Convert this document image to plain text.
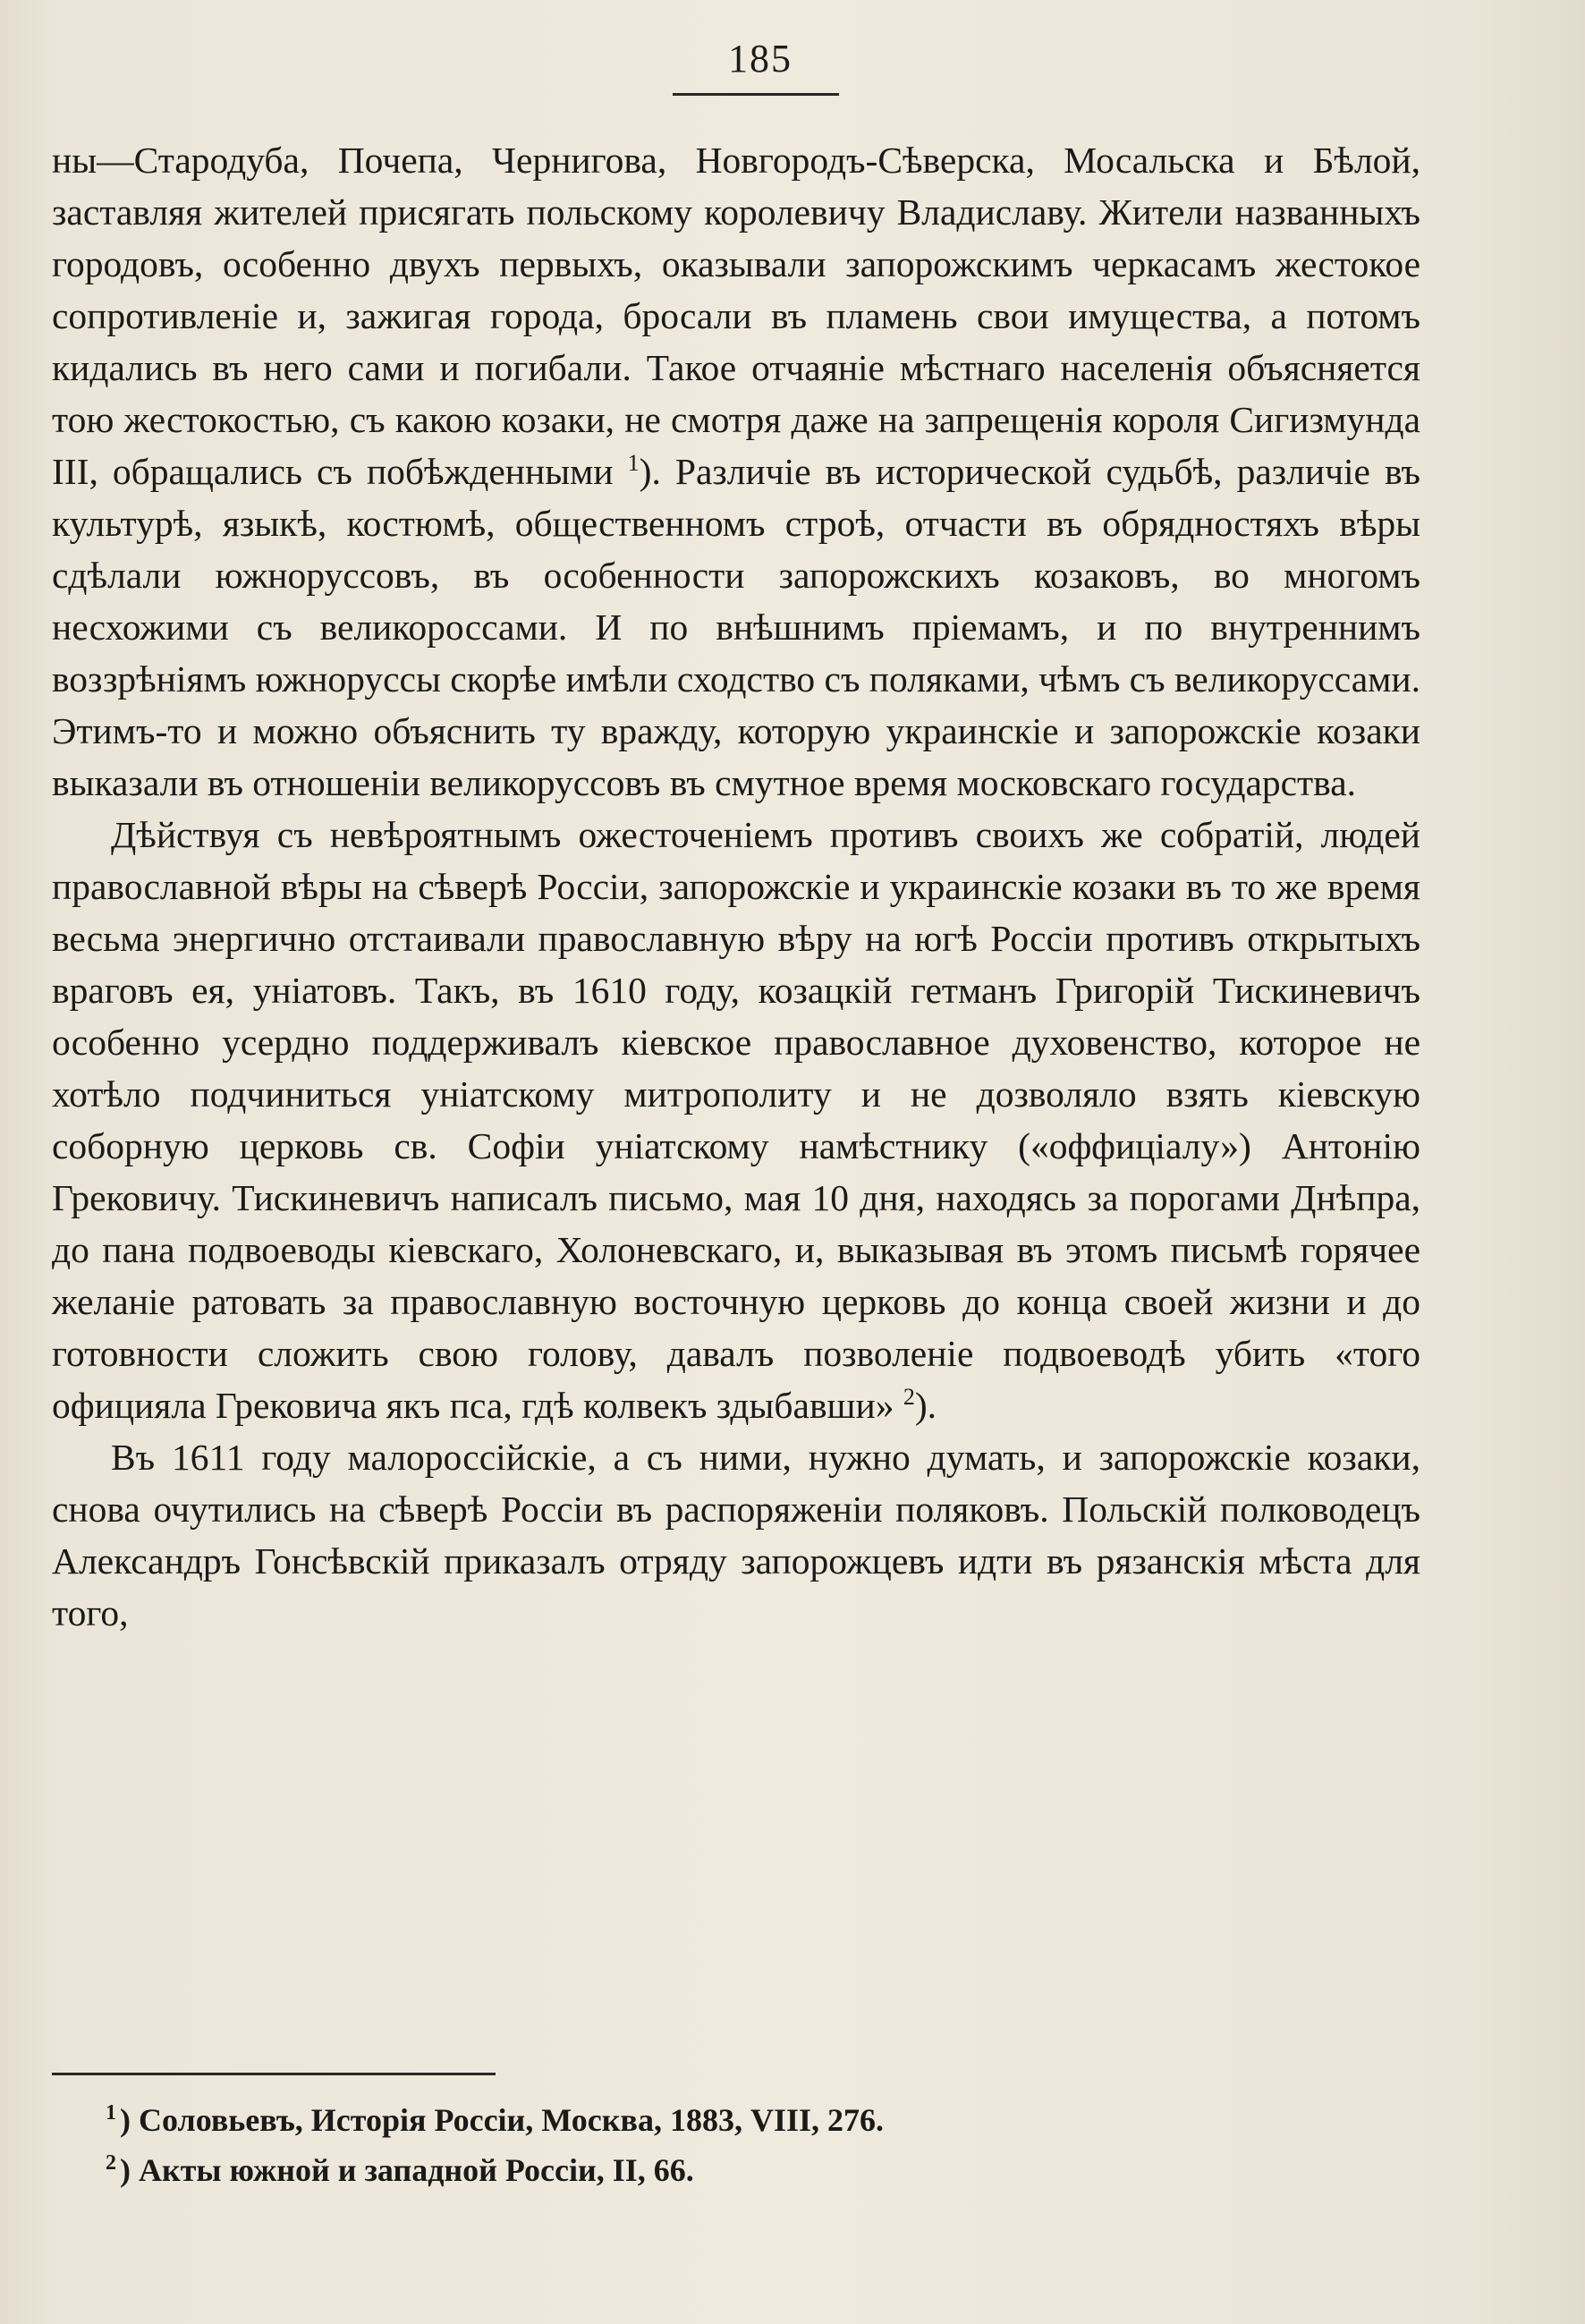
185

ны—Стародуба, Почепа, Чернигова, Новгородъ-Сѣверска, Мосальска и Бѣлой, заставляя жителей присягать польскому королевичу Владиславу. Жители названныхъ городовъ, особенно двухъ первыхъ, оказывали запорожскимъ черкасамъ жестокое сопротивленіе и, зажигая города, бросали въ пламень свои имущества, а потомъ кидались въ него сами и погибали. Такое отчаяніе мѣстнаго населенія объясняется тою жестокостью, съ какою козаки, не смотря даже на запрещенія короля Сигизмунда III, обращались съ побѣжденными $^1$). Различіе въ исторической судьбѣ, различіе въ культурѣ, языкѣ, костюмѣ, общественномъ строѣ, отчасти въ обрядностяхъ вѣры сдѣлали южноруссовъ, въ особенности запорожскихъ козаковъ, во многомъ несхожими съ великороссами. И по внѣшнимъ пріемамъ, и по внутреннимъ воззрѣніямъ южноруссы скорѣе имѣли сходство съ поляками, чѣмъ съ великоруссами. Этимъ-то и можно объяснить ту вражду, которую украинскіе и запорожскіе козаки выказали въ отношеніи великоруссовъ въ смутное время московскаго государства.

Дѣйствуя съ невѣроятнымъ ожесточеніемъ противъ своихъ же собратій, людей православной вѣры на сѣверѣ Россіи, запорожскіе и украинскіе козаки въ то же время весьма энергично отстаивали православную вѣру на югѣ Россіи противъ открытыхъ враговъ ея, уніатовъ. Такъ, въ 1610 году, козацкій гетманъ Григорій Тискиневичъ особенно усердно поддерживалъ кіевское православное духовенство, которое не хотѣло подчиниться уніатскому митрополиту и не дозволяло взять кіевскую соборную церковь св. Софіи уніатскому намѣстнику («оффиціалу») Антонію Грековичу. Тискиневичъ написалъ письмо, мая 10 дня, находясь за порогами Днѣпра, до пана подвоеводы кіевскаго, Холоневскаго, и, выказывая въ этомъ письмѣ горячее желаніе ратовать за православную восточную церковь до конца своей жизни и до готовности сложить свою голову, давалъ позволеніе подвоеводѣ убить «того официяла Грековича якъ пса, гдѣ колвекъ здыбавши» $^2$).

Въ 1611 году малороссійскіе, а съ ними, нужно думать, и запорожскіе козаки, снова очутились на сѣверѣ Россіи въ распоряженіи поляковъ. Польскій полководецъ Александръ Гонсѣвскій приказалъ отряду запорожцевъ идти въ рязанскія мѣста для того,

$^1$ ) Соловьевъ, Исторія Россіи, Москва, 1883, VIII, 276.
$^2$ ) Акты южной и западной Россіи, II, 66.
